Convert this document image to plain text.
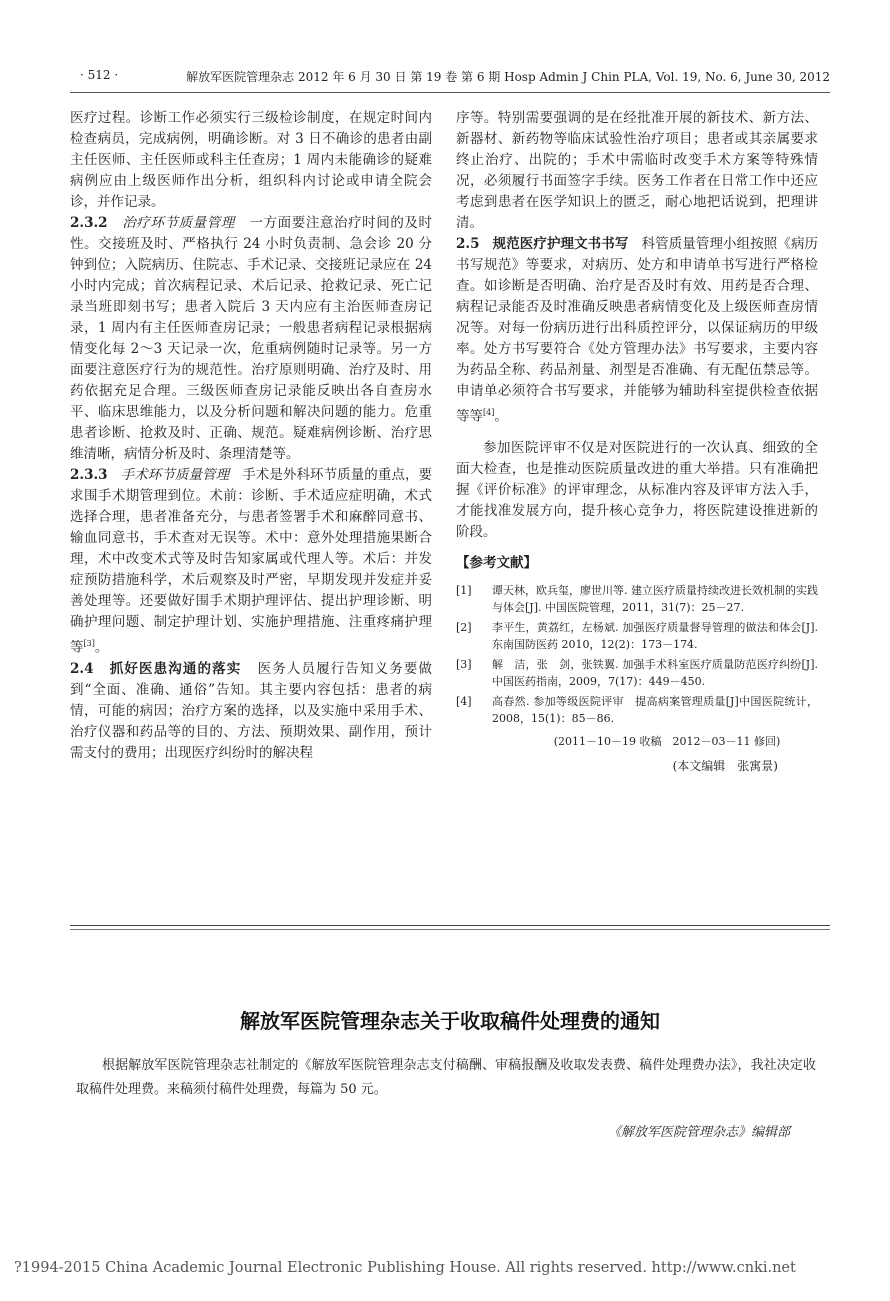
· 512 ·	解放军医院管理杂志 2012 年 6 月 30 日 第 19 卷 第 6 期 Hosp Admin J Chin PLA, Vol. 19, No. 6, June 30, 2012

医疗过程。诊断工作必须实行三级检诊制度，在规定时间内检查病员，完成病例，明确诊断。对 3 日不确诊的患者由副主任医师、主任医师或科主任查房；1 周内未能确诊的疑难病例应由上级医师作出分析，组织科内讨论或申请全院会诊，并作记录。

2.3.2 治疗环节质量管理 一方面要注意治疗时间的及时性。交接班及时、严格执行 24 小时负责制、急会诊 20 分钟到位；入院病历、住院志、手术记录、交接班记录应在 24 小时内完成；首次病程记录、术后记录、抢救记录、死亡记录当班即刻书写；患者入院后 3 天内应有主治医师查房记录，1 周内有主任医师查房记录；一般患者病程记录根据病情变化每 2～3 天记录一次，危重病例随时记录等。另一方面要注意医疗行为的规范性。治疗原则明确、治疗及时、用药依据充足合理。三级医师查房记录能反映出各自查房水平、临床思维能力，以及分析问题和解决问题的能力。危重患者诊断、抢救及时、正确、规范。疑难病例诊断、治疗思维清晰，病情分析及时、条理清楚等。

2.3.3 手术环节质量管理 手术是外科环节质量的重点，要求围手术期管理到位。术前：诊断、手术适应症明确，术式选择合理，患者准备充分，与患者签署手术和麻醉同意书、输血同意书，手术查对无误等。术中：意外处理措施果断合理，术中改变术式等及时告知家属或代理人等。术后：并发症预防措施科学，术后观察及时严密，早期发现并发症并妥善处理等。还要做好围手术期护理评估、提出护理诊断、明确护理问题、制定护理计划、实施护理措施、注重疼痛护理等[3]。

2.4 抓好医患沟通的落实 医务人员履行告知义务要做到“全面、准确、通俗”告知。其主要内容包括：患者的病情，可能的病因；治疗方案的选择，以及实施中采用手术、治疗仪器和药品等的目的、方法、预期效果、副作用，预计需支付的费用；出现医疗纠纷时的解决程

序等。特别需要强调的是在经批准开展的新技术、新方法、新器材、新药物等临床试验性治疗项目；患者或其亲属要求终止治疗、出院的；手术中需临时改变手术方案等特殊情况，必须履行书面签字手续。医务工作者在日常工作中还应考虑到患者在医学知识上的匮乏，耐心地把话说到，把理讲清。

2.5 规范医疗护理文书书写 科管质量管理小组按照《病历书写规范》等要求，对病历、处方和申请单书写进行严格检查。如诊断是否明确、治疗是否及时有效、用药是否合理、病程记录能否及时准确反映患者病情变化及上级医师查房情况等。对每一份病历进行出科质控评分，以保证病历的甲级率。处方书写要符合《处方管理办法》书写要求，主要内容为药品全称、药品剂量、剂型是否准确、有无配伍禁忌等。申请单必须符合书写要求，并能够为辅助科室提供检查依据等等[4]。

参加医院评审不仅是对医院进行的一次认真、细致的全面大检查，也是推动医院质量改进的重大举措。只有准确把握《评价标准》的评审理念，从标准内容及评审方法入手，才能找准发展方向，提升核心竞争力，将医院建设推进新的阶段。

【参考文献】
[1]	谭天林，欧兵玺，廖世川等. 建立医疗质量持续改进长效机制的实践与体会[J]. 中国医院管理，2011，31(7)：25－27.
[2]	李平生，黄荔红，左杨斌. 加强医疗质量督导管理的做法和体会[J]. 东南国防医药 2010，12(2)：173－174.
[3]	解　洁，张　剑，张铁翼. 加强手术科室医疗质量防范医疗纠纷[J]. 中国医药指南，2009，7(17)：449－450.
[4]	高春然. 参加等级医院评审　提高病案管理质量[J]中国医院统计，2008，15(1)：85－86.
(2011－10－19 收稿　2012－03－11 修回)
(本文编辑　张寓景)
解放军医院管理杂志关于收取稿件处理费的通知
根据解放军医院管理杂志社制定的《解放军医院管理杂志支付稿酬、审稿报酬及收取发表费、稿件处理费办法》，我社决定收取稿件处理费。来稿须付稿件处理费，每篇为 50 元。
《解放军医院管理杂志》编辑部
?1994-2015 China Academic Journal Electronic Publishing House. All rights reserved. http://www.cnki.net
